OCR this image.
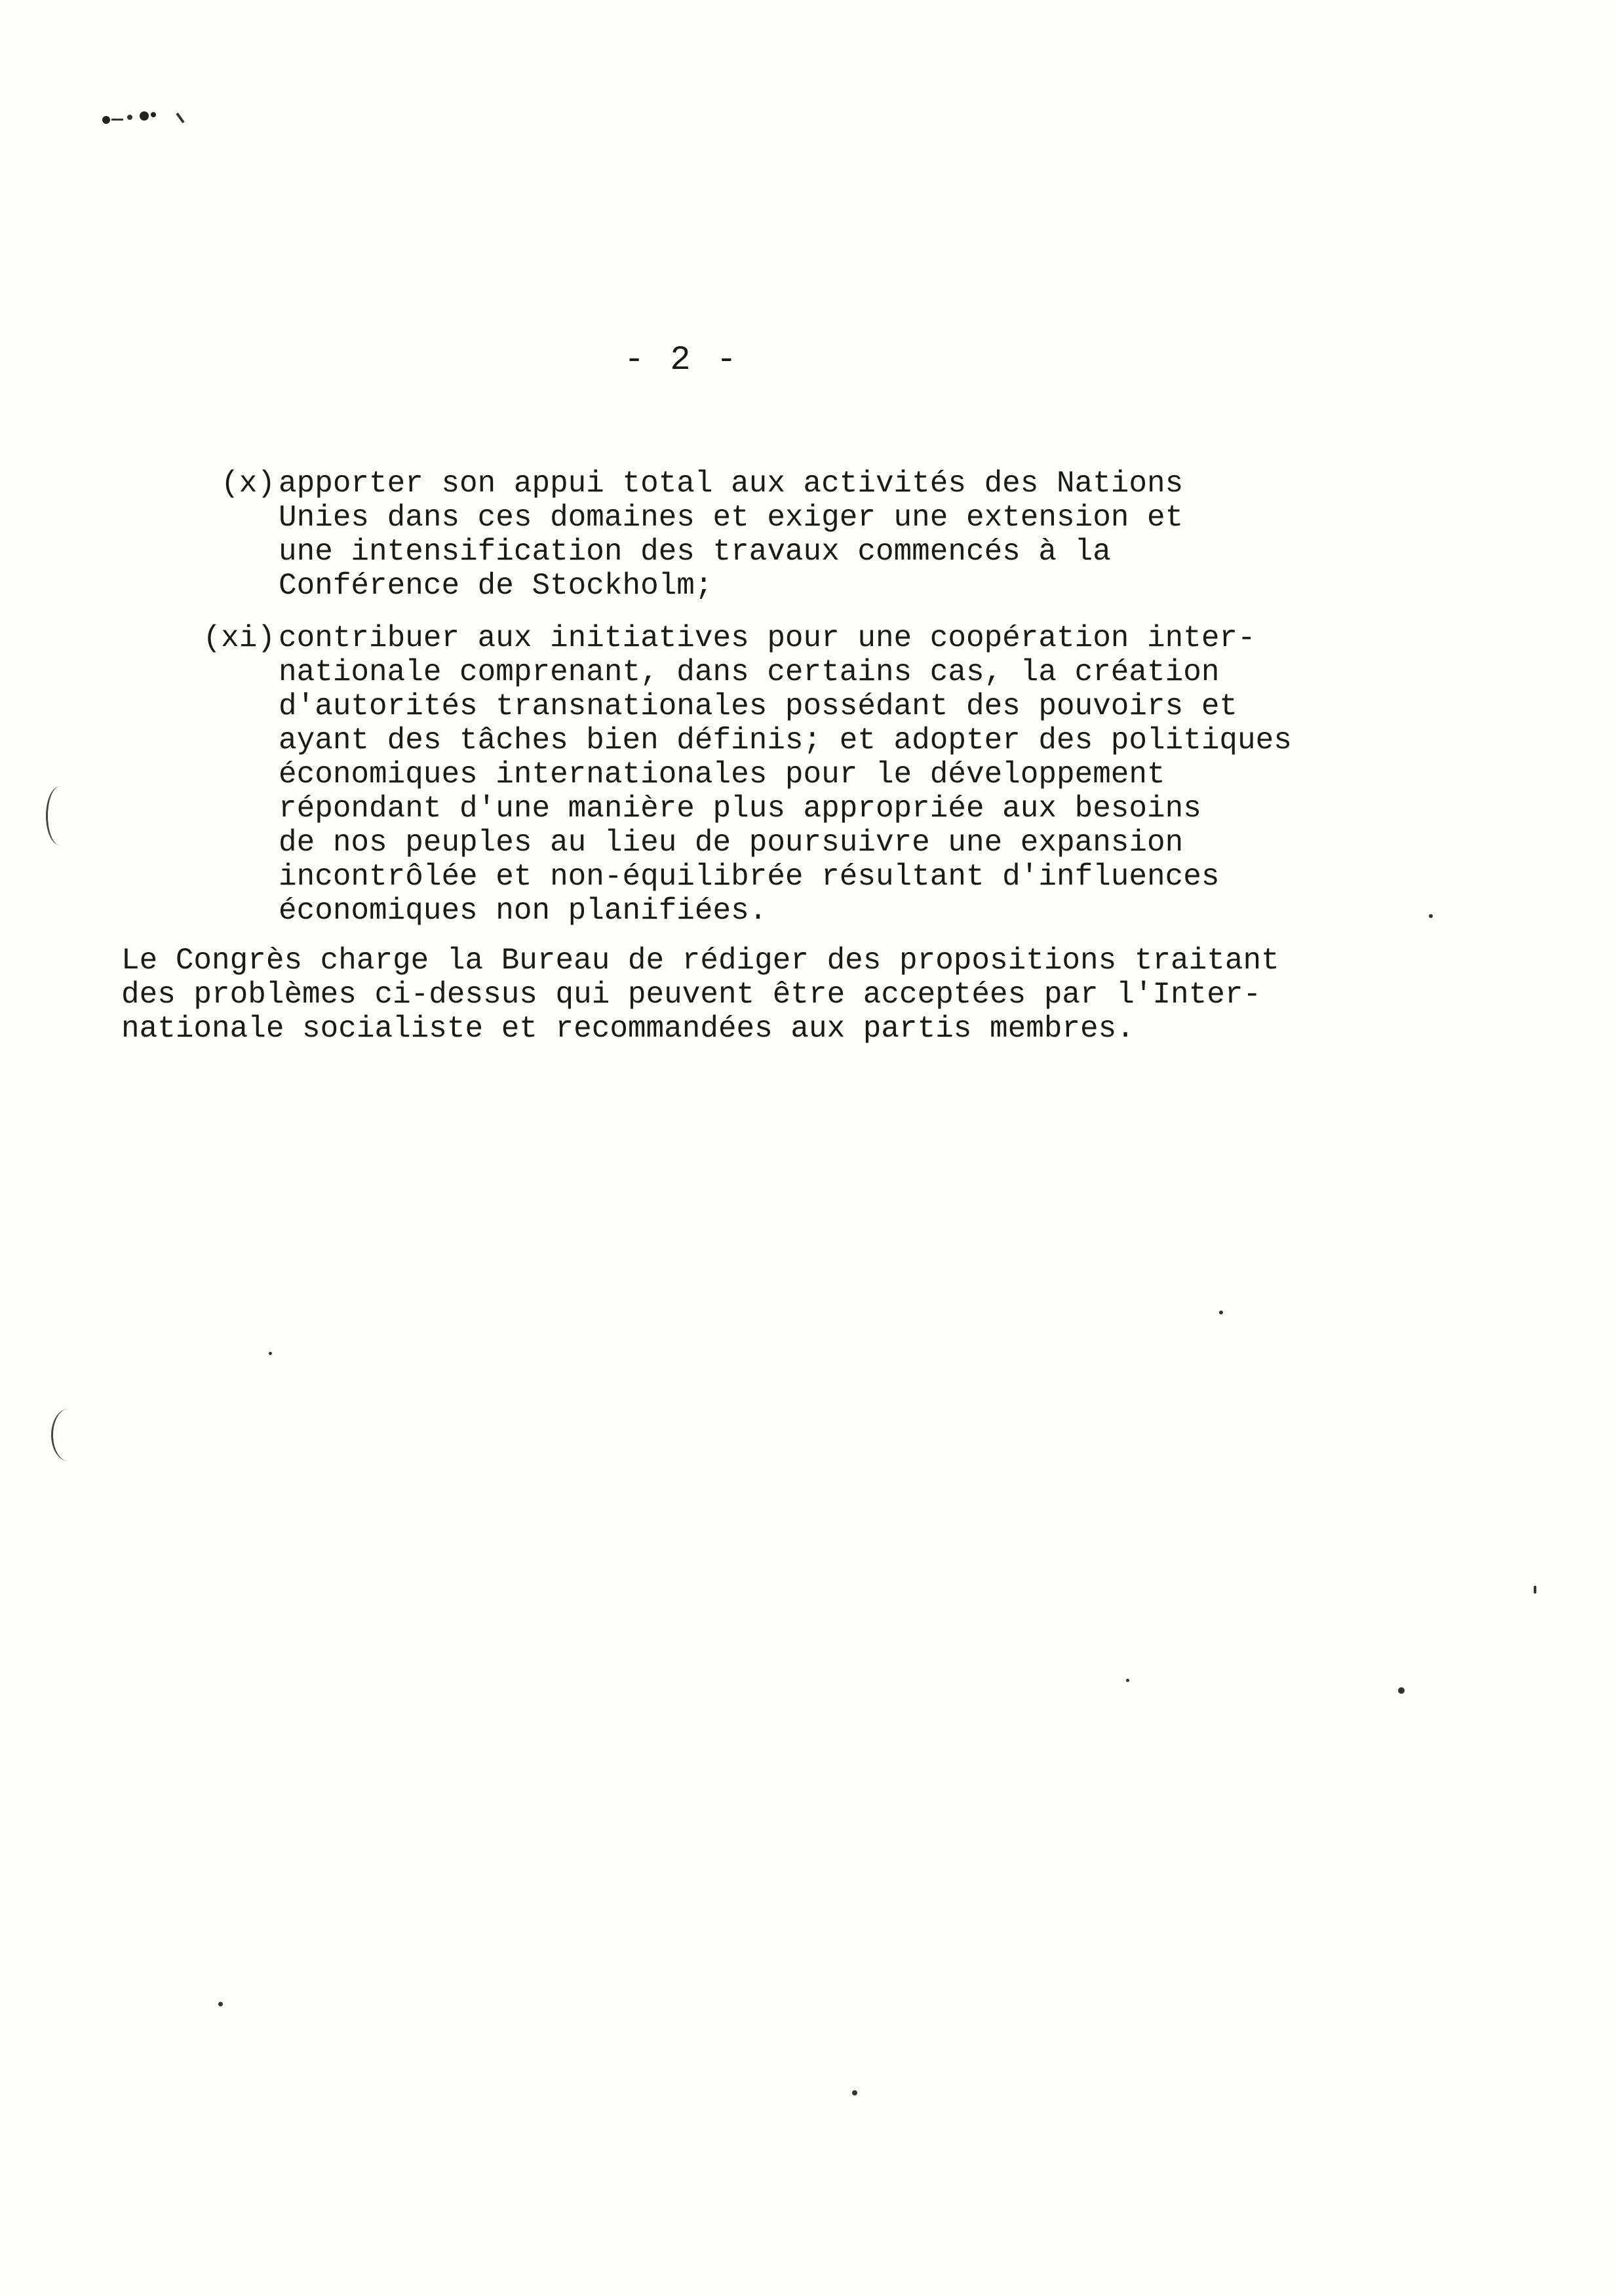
- 2 -
(x) apporter son appui total aux activités des Nations
Unies dans ces domaines et exiger une extension et
une intensification des travaux commencés à la
Conférence de Stockholm;
(xi) contribuer aux initiatives pour une coopération inter-
nationale comprenant, dans certains cas, la création
d'autorités transnationales possédant des pouvoirs et
ayant des tâches bien définis; et adopter des politiques
économiques internationales pour le développement
répondant d'une manière plus appropriée aux besoins
de nos peuples au lieu de poursuivre une expansion
incontrôlée et non-équilibrée résultant d'influences
économiques non planifiées.
Le Congrès charge la Bureau de rédiger des propositions traitant
des problèmes ci-dessus qui peuvent être acceptées par l'Inter-
nationale socialiste et recommandées aux partis membres.
